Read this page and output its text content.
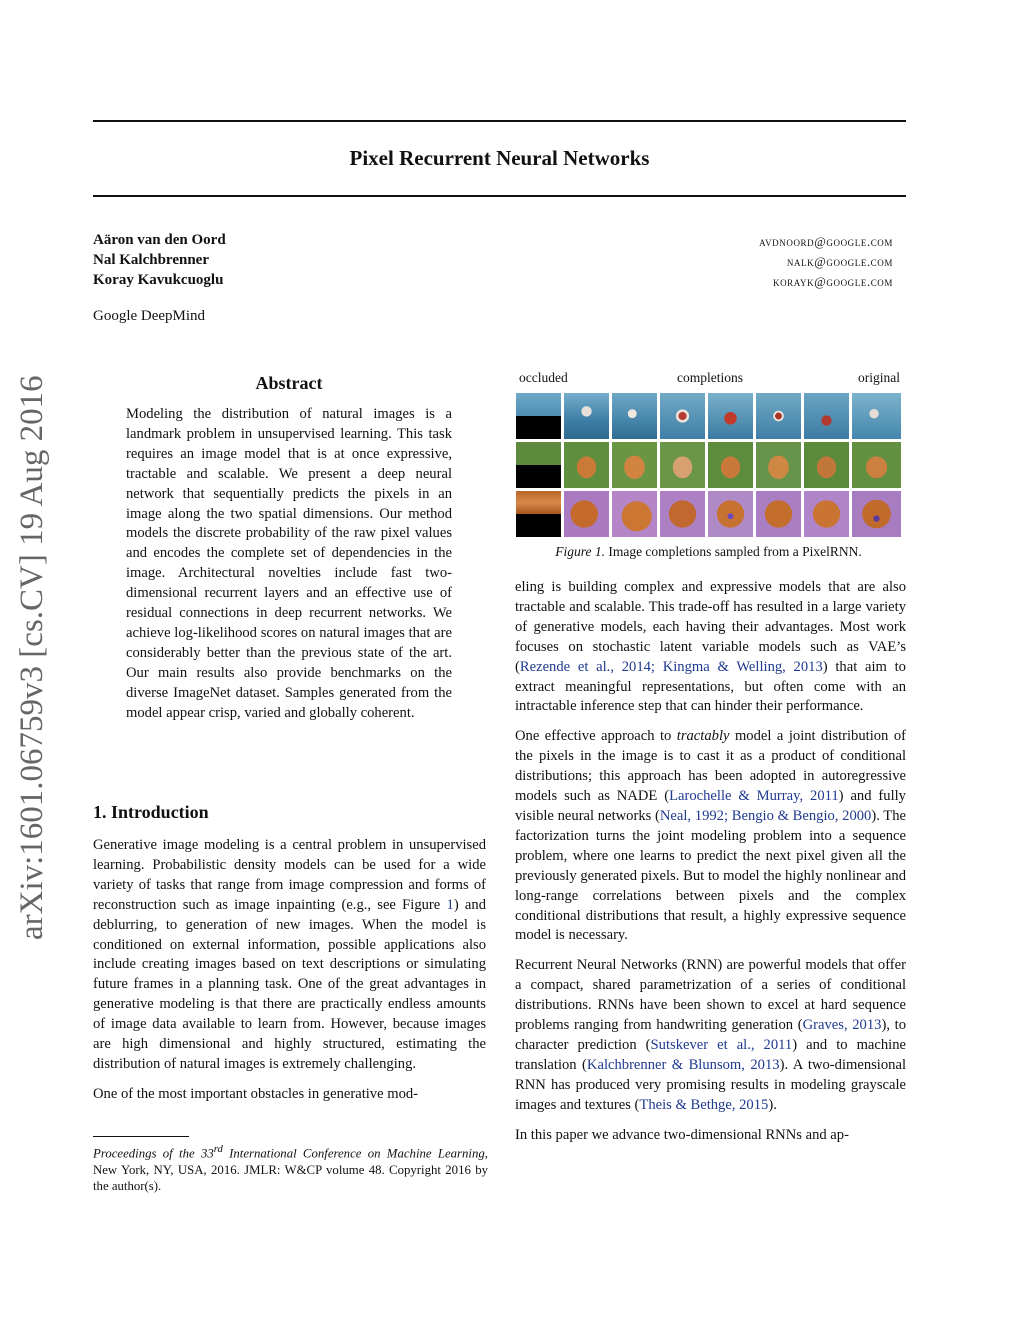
Pixel Recurrent Neural Networks
Aäron van den Oord
Nal Kalchbrenner
Koray Kavukcuoglu
avdnoord@google.com
nalk@google.com
korayk@google.com
Google DeepMind
arXiv:1601.06759v3 [cs.CV] 19 Aug 2016	Abstract
Modeling the distribution of natural images is a landmark problem in unsupervised learning. This task requires an image model that is at once expressive, tractable and scalable. We present a deep neural network that sequentially predicts the pixels in an image along the two spatial dimensions. Our method models the discrete probability of the raw pixel values and encodes the complete set of dependencies in the image. Architectural novelties include fast two-dimensional recurrent layers and an effective use of residual connections in deep recurrent networks. We achieve log-likelihood scores on natural images that are considerably better than the previous state of the art. Our main results also provide benchmarks on the diverse ImageNet dataset. Samples generated from the model appear crisp, varied and globally coherent.
1. Introduction

Generative image modeling is a central problem in unsupervised learning. Probabilistic density models can be used for a wide variety of tasks that range from image compression and forms of reconstruction such as image inpainting (e.g., see Figure 1) and deblurring, to generation of new images. When the model is conditioned on external information, possible applications also include creating images based on text descriptions or simulating future frames in a planning task. One of the great advantages in generative modeling is that there are practically endless amounts of image data available to learn from. However, because images are high dimensional and highly structured, estimating the distribution of natural images is extremely challenging.

One of the most important obstacles in generative mod-

Proceedings of the 33rd International Conference on Machine Learning, New York, NY, USA, 2016. JMLR: W&CP volume 48. Copyright 2016 by the author(s).
occluded	completions	original
Figure 1. Image completions sampled from a PixelRNN.

eling is building complex and expressive models that are also tractable and scalable. This trade-off has resulted in a large variety of generative models, each having their advantages. Most work focuses on stochastic latent variable models such as VAE’s (Rezende et al., 2014; Kingma & Welling, 2013) that aim to extract meaningful representations, but often come with an intractable inference step that can hinder their performance.

One effective approach to tractably model a joint distribution of the pixels in the image is to cast it as a product of conditional distributions; this approach has been adopted in autoregressive models such as NADE (Larochelle & Murray, 2011) and fully visible neural networks (Neal, 1992; Bengio & Bengio, 2000). The factorization turns the joint modeling problem into a sequence problem, where one learns to predict the next pixel given all the previously generated pixels. But to model the highly nonlinear and long-range correlations between pixels and the complex conditional distributions that result, a highly expressive sequence model is necessary.

Recurrent Neural Networks (RNN) are powerful models that offer a compact, shared parametrization of a series of conditional distributions. RNNs have been shown to excel at hard sequence problems ranging from handwriting generation (Graves, 2013), to character prediction (Sutskever et al., 2011) and to machine translation (Kalchbrenner & Blunsom, 2013). A two-dimensional RNN has produced very promising results in modeling grayscale images and textures (Theis & Bethge, 2015).

In this paper we advance two-dimensional RNNs and ap-
